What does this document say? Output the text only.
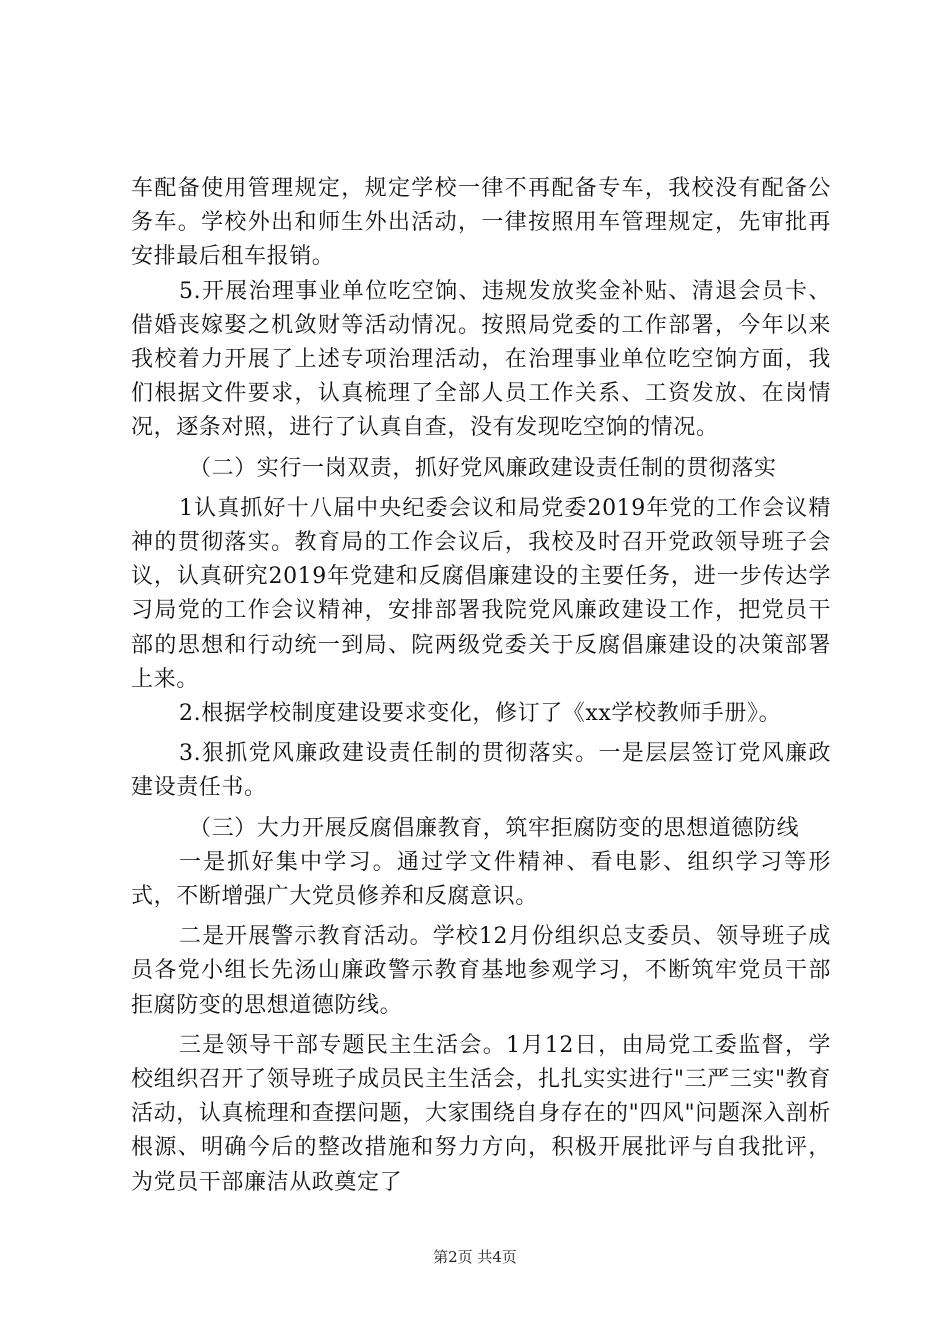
车配备使用管理规定，规定学校一律不再配备专车，我校没有配备公务车。学校外出和师生外出活动，一律按照用车管理规定，先审批再安排最后租车报销。

5.开展治理事业单位吃空饷、违规发放奖金补贴、清退会员卡、借婚丧嫁娶之机敛财等活动情况。按照局党委的工作部署，今年以来我校着力开展了上述专项治理活动，在治理事业单位吃空饷方面，我们根据文件要求，认真梳理了全部人员工作关系、工资发放、在岗情况，逐条对照，进行了认真自查，没有发现吃空饷的情况。

（二）实行一岗双责，抓好党风廉政建设责任制的贯彻落实

1认真抓好十八届中央纪委会议和局党委2019年党的工作会议精神的贯彻落实。教育局的工作会议后，我校及时召开党政领导班子会议，认真研究2019年党建和反腐倡廉建设的主要任务，进一步传达学习局党的工作会议精神，安排部署我院党风廉政建设工作，把党员干部的思想和行动统一到局、院两级党委关于反腐倡廉建设的决策部署上来。

2.根据学校制度建设要求变化，修订了《xx学校教师手册》。

3.狠抓党风廉政建设责任制的贯彻落实。一是层层签订党风廉政建设责任书。

（三）大力开展反腐倡廉教育，筑牢拒腐防变的思想道德防线

一是抓好集中学习。通过学文件精神、看电影、组织学习等形式，不断增强广大党员修养和反腐意识。

二是开展警示教育活动。学校12月份组织总支委员、领导班子成员各党小组长先汤山廉政警示教育基地参观学习，不断筑牢党员干部拒腐防变的思想道德防线。

三是领导干部专题民主生活会。1月12日，由局党工委监督，学校组织召开了领导班子成员民主生活会，扎扎实实进行"三严三实"教育活动，认真梳理和查摆问题，大家围绕自身存在的"四风"问题深入剖析根源、明确今后的整改措施和努力方向，积极开展批评与自我批评，为党员干部廉洁从政奠定了

第2页 共4页
